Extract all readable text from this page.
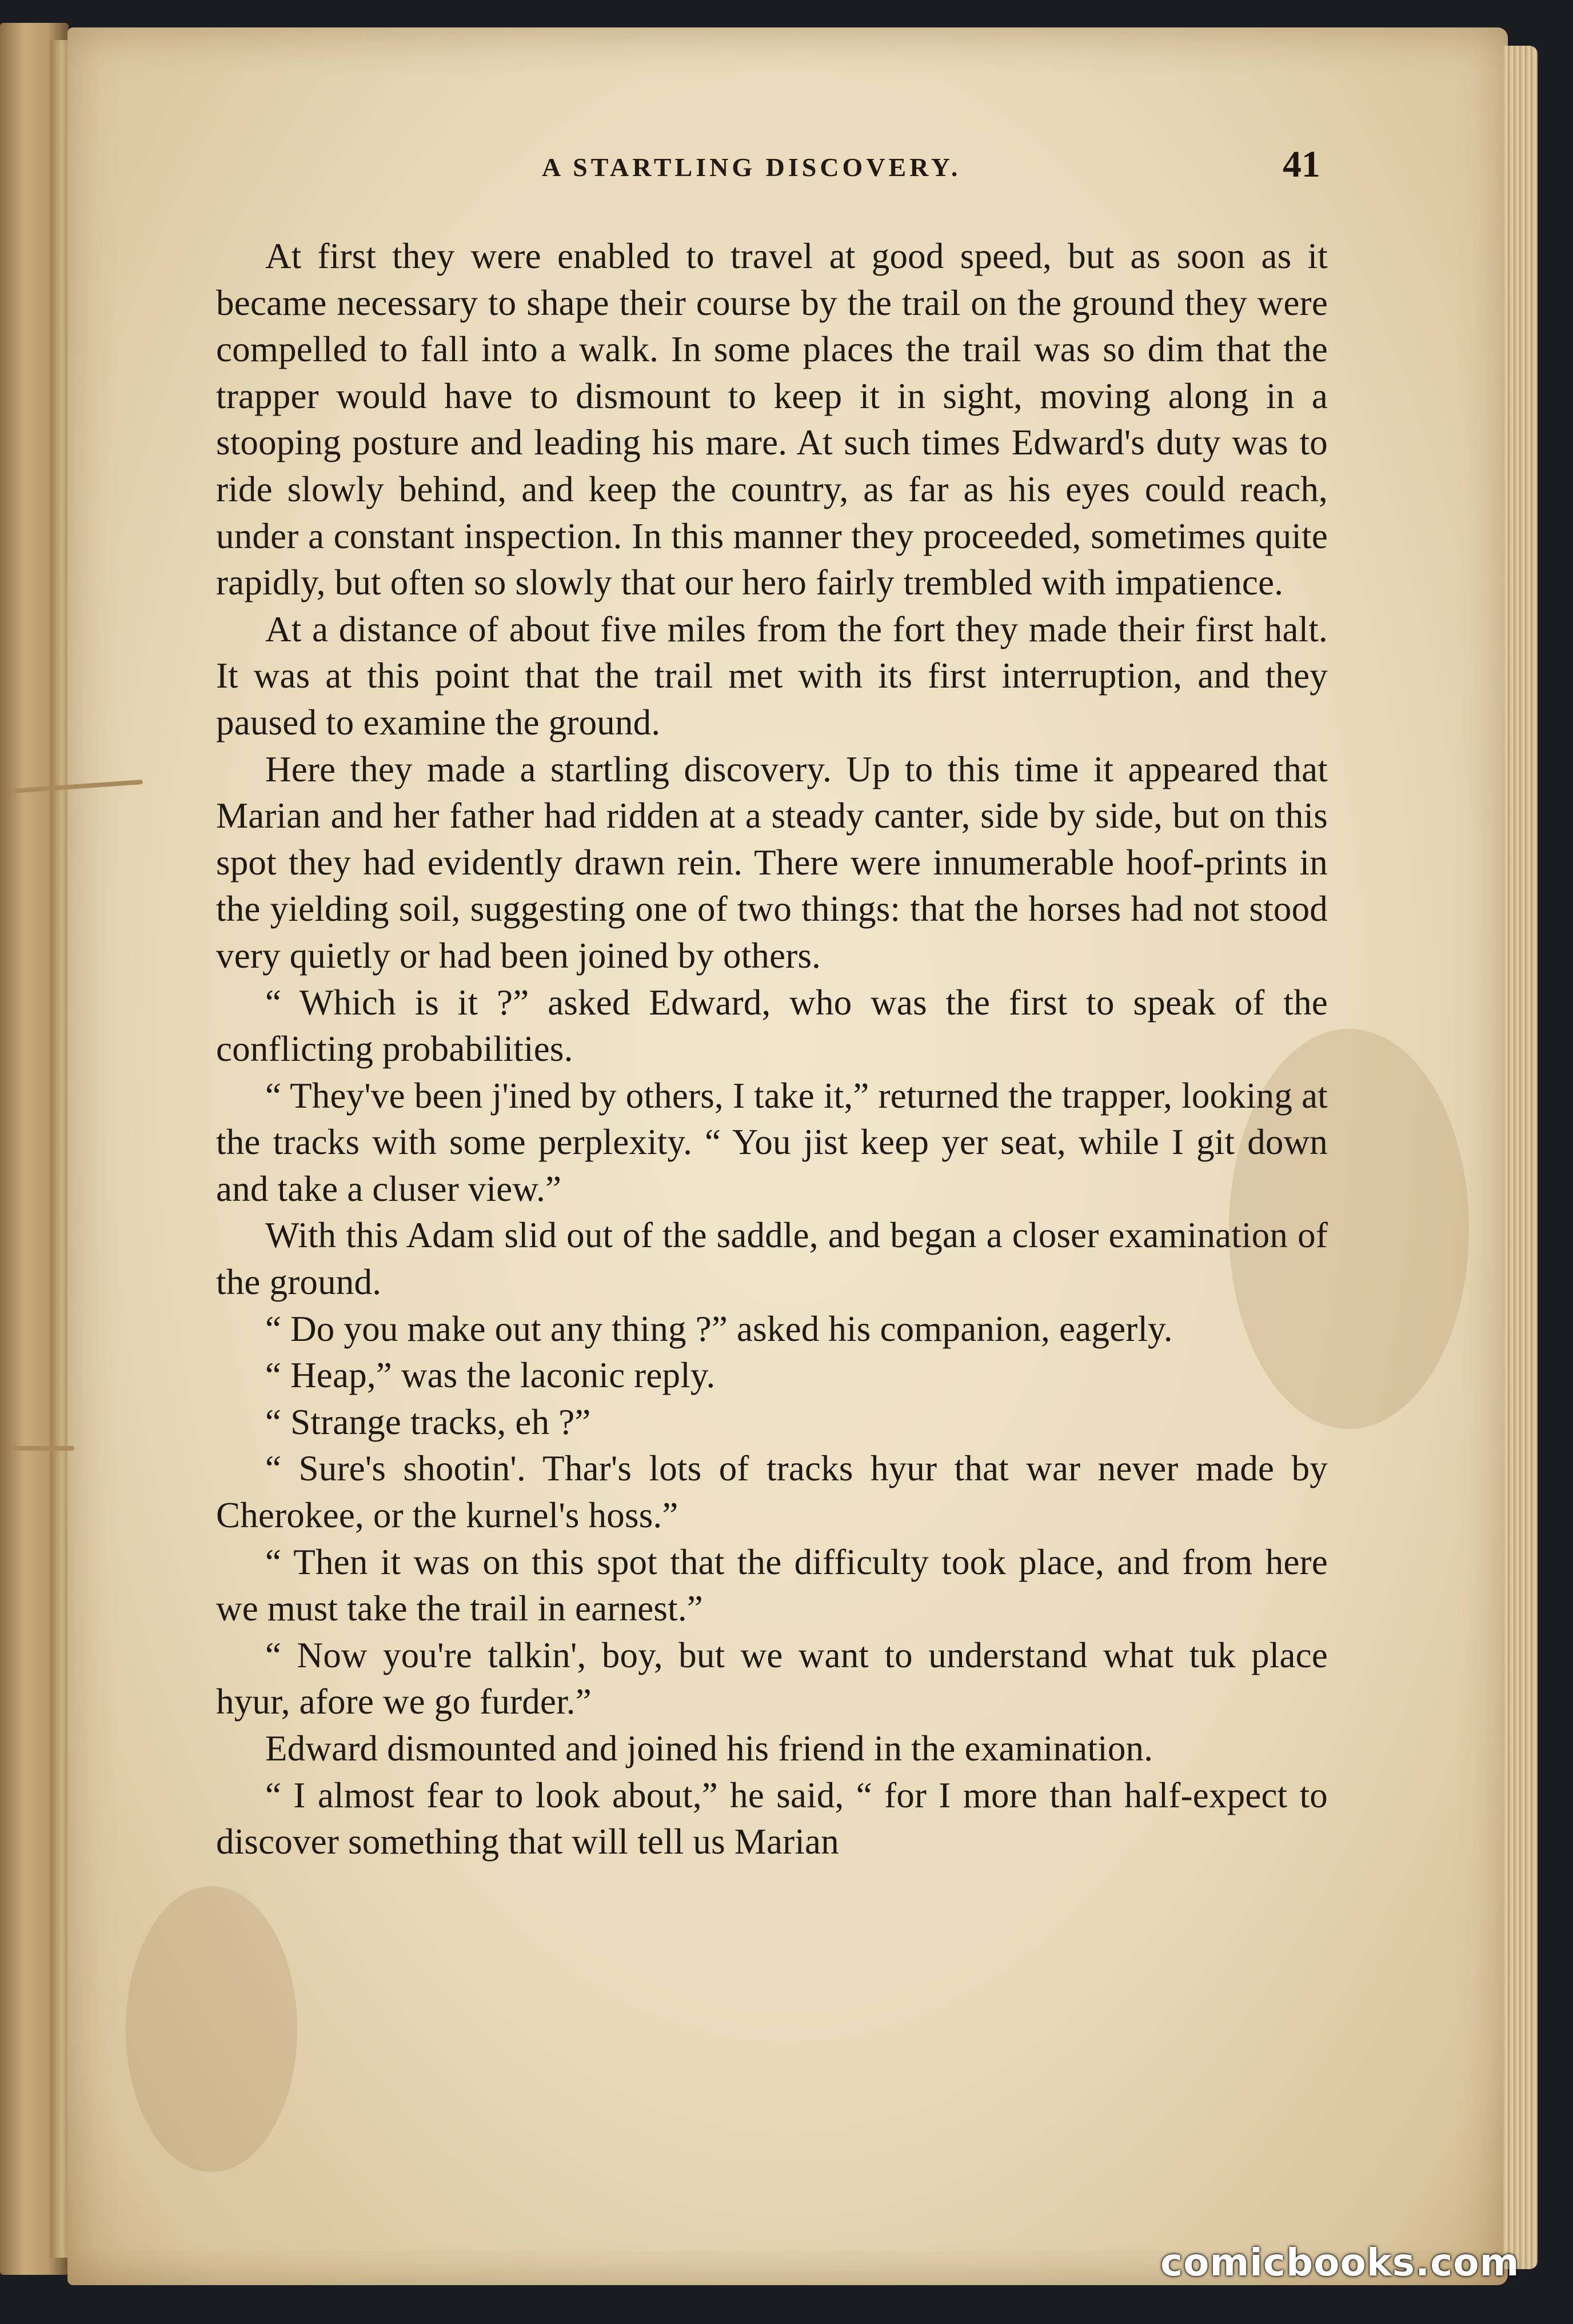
A STARTLING DISCOVERY.	41

At first they were enabled to travel at good speed, but as soon as it became necessary to shape their course by the trail on the ground they were compelled to fall into a walk. In some places the trail was so dim that the trapper would have to dismount to keep it in sight, moving along in a stooping posture and leading his mare. At such times Edward's duty was to ride slowly behind, and keep the country, as far as his eyes could reach, under a constant inspection. In this manner they proceeded, sometimes quite rapidly, but often so slowly that our hero fairly trembled with impatience.

At a distance of about five miles from the fort they made their first halt. It was at this point that the trail met with its first interruption, and they paused to examine the ground.

Here they made a startling discovery. Up to this time it appeared that Marian and her father had ridden at a steady canter, side by side, but on this spot they had evidently drawn rein. There were innumerable hoof-prints in the yielding soil, suggesting one of two things: that the horses had not stood very quietly or had been joined by others.

“ Which is it ?” asked Edward, who was the first to speak of the conflicting probabilities.

“ They've been j'ined by others, I take it,” returned the trapper, looking at the tracks with some perplexity. “ You jist keep yer seat, while I git down and take a cluser view.”

With this Adam slid out of the saddle, and began a closer examination of the ground.

“ Do you make out any thing ?” asked his companion, eagerly.

“ Heap,” was the laconic reply.

“ Strange tracks, eh ?”

“ Sure's shootin'. Thar's lots of tracks hyur that war never made by Cherokee, or the kurnel's hoss.”

“ Then it was on this spot that the difficulty took place, and from here we must take the trail in earnest.”

“ Now you're talkin', boy, but we want to understand what tuk place hyur, afore we go furder.”

Edward dismounted and joined his friend in the examination.

“ I almost fear to look about,” he said, “ for I more than half-expect to discover something that will tell us Marian

comicbooks.com
